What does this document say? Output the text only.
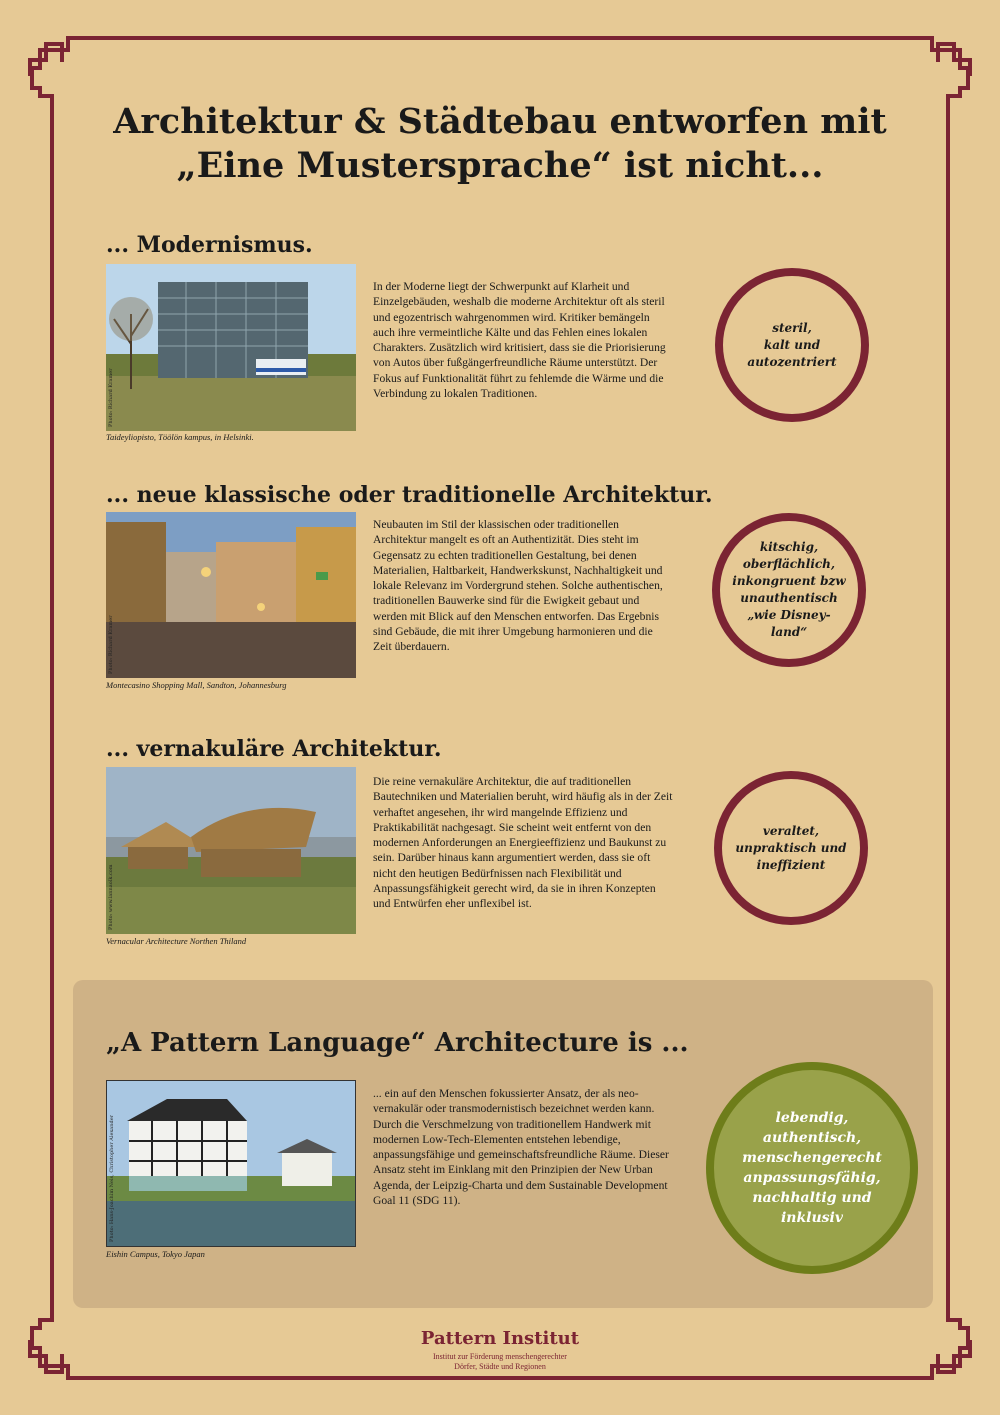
Architektur & Städtebau entworfen mit
„Eine Mustersprache“ ist nicht...
... Modernismus.
Photo: Richard Kramer
Taideyliopisto, Töölön kampus, in Helsinki.
In der Moderne liegt der Schwerpunkt auf Klarheit und Einzelgebäuden, weshalb die moderne Architektur oft als steril und egozentrisch wahrgenommen wird. Kritiker bemängeln auch ihre vermeintliche Kälte und das Fehlen eines lokalen Charakters. Zusätzlich wird kritisiert, dass sie die Priorisierung von Autos über fußgängerfreundliche Räume unterstützt. Der Fokus auf Funktionalität führt zu fehlemde die Wärme und die Verbindung zu lokalen Traditionen.
steril,
kalt und
autozentriert
... neue klassische oder traditionelle Architektur.
Photo: Richard Kramer
Montecasino Shopping Mall, Sandton, Johannesburg
Neubauten im Stil der klassischen oder traditionellen Architektur mangelt es oft an Authentizität. Dies steht im Gegensatz zu echten traditionellen Gestaltung, bei denen Materialien, Haltbarkeit, Handwerkskunst, Nachhaltigkeit und lokale Relevanz im Vordergrund stehen. Solche authentischen, traditionellen Bauwerke sind für die Ewigkeit gebaut und werden mit Blick auf den Menschen entworfen. Das Ergebnis sind Gebäude, die mit ihrer Umgebung harmonieren und die Zeit überdauern.
kitschig,
oberflächlich,
inkongruent bzw
unauthentisch
„wie Disney-
land“
... vernakuläre Architektur.
Photo: www.lannaolk.com
Vernacular Architecture Northen Thiland
Die reine vernakuläre Architektur, die auf traditionellen Bautechniken und Materialien beruht, wird häufig als in der Zeit verhaftet angesehen, ihr wird mangelnde Effizienz und Praktikabilität nachgesagt. Sie scheint weit entfernt von den modernen Anforderungen an Energieeffizienz und Baukunst zu sein. Darüber hinaus kann argumentiert werden, dass sie oft nicht den heutigen Bedürfnissen nach Flexibilität und Anpassungsfähigkeit gerecht wird, da sie in ihren Konzepten und Entwürfen eher unflexibel ist.
veraltet,
unpraktisch und
ineffizient
„A Pattern Language“ Architecture is ...
Photo: Hans-Joachim Neis, Christopher Alexander
Eishin Campus, Tokyo Japan
... ein auf den Menschen fokussierter Ansatz, der als neo-vernakulär oder transmodernistisch bezeichnet werden kann. Durch die Verschmelzung von traditionellem Handwerk mit modernen Low-Tech-Elementen entstehen lebendige, anpassungsfähige und gemeinschaftsfreundliche Räume. Dieser Ansatz steht im Einklang mit den Prinzipien der New Urban Agenda, der Leipzig-Charta und dem Sustainable Development Goal 11 (SDG 11).
lebendig,
authentisch,
menschengerecht
anpassungsfähig,
nachhaltig und
inklusiv
Pattern Institut
Institut zur Förderung menschengerechter
Dörfer, Städte und Regionen
